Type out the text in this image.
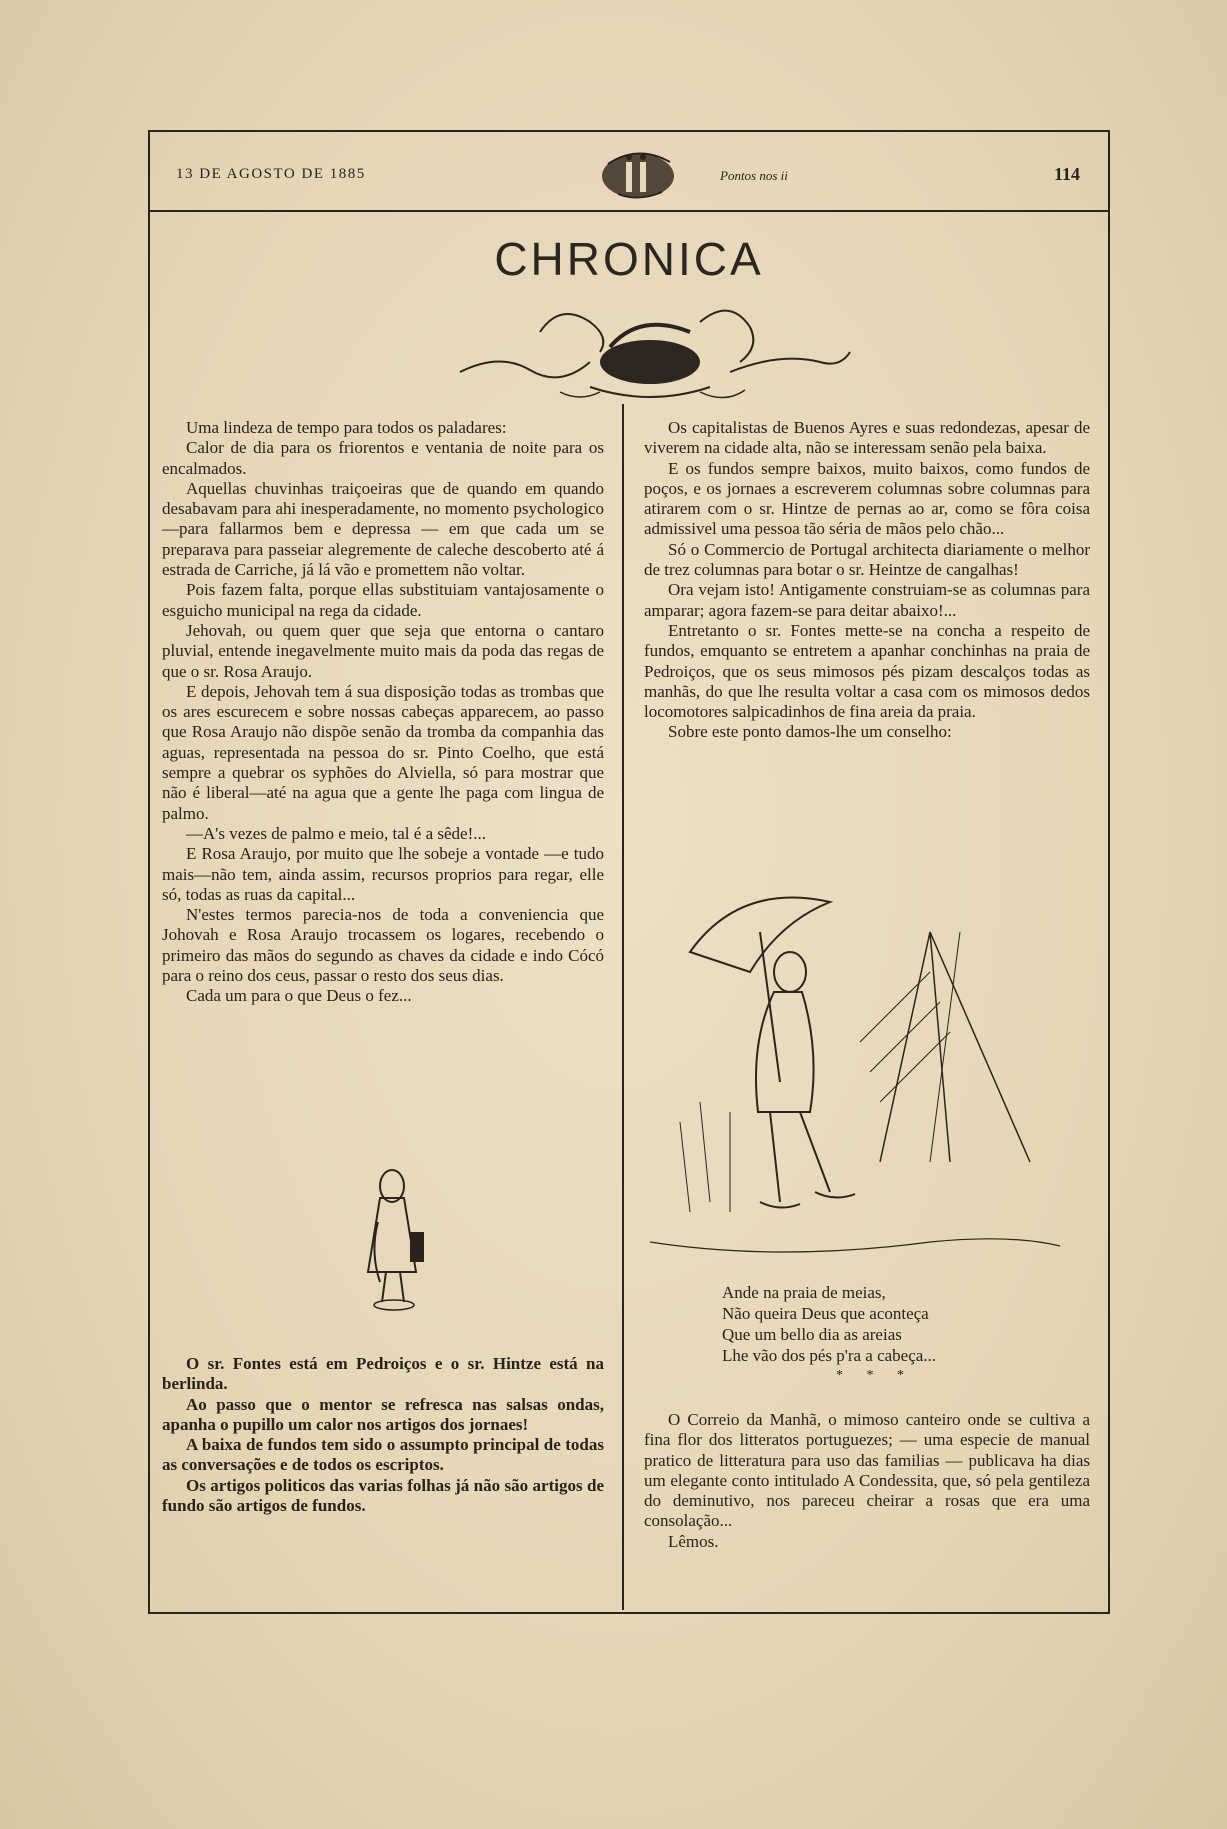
13 DE AGOSTO DE 1885	Pontos nos ii	114
CHRONICA

Uma lindeza de tempo para todos os paladares:

Calor de dia para os friorentos e ventania de noite para os encalmados.

Aquellas chuvinhas traiçoeiras que de quando em quando desabavam para ahi inesperadamente, no momento psychologico—para fallarmos bem e depressa — em que cada um se preparava para passeiar alegremente de caleche descoberto até á estrada de Carriche, já lá vão e promettem não voltar.

Pois fazem falta, porque ellas substituiam vantajosamente o esguicho municipal na rega da cidade.

Jehovah, ou quem quer que seja que entorna o cantaro pluvial, entende inegavelmente muito mais da poda das regas de que o sr. Rosa Araujo.

E depois, Jehovah tem á sua disposição todas as trombas que os ares escurecem e sobre nossas cabeças apparecem, ao passo que Rosa Araujo não dispõe senão da tromba da companhia das aguas, representada na pessoa do sr. Pinto Coelho, que está sempre a quebrar os syphões do Alviella, só para mostrar que não é liberal—até na agua que a gente lhe paga com lingua de palmo.

—A's vezes de palmo e meio, tal é a sêde!...

E Rosa Araujo, por muito que lhe sobeje a vontade —e tudo mais—não tem, ainda assim, recursos proprios para regar, elle só, todas as ruas da capital...

N'estes termos parecia-nos de toda a conveniencia que Johovah e Rosa Araujo trocassem os logares, recebendo o primeiro das mãos do segundo as chaves da cidade e indo Cócó para o reino dos ceus, passar o resto dos seus dias.

Cada um para o que Deus o fez...

O sr. Fontes está em Pedroiços e o sr. Hintze está na berlinda.

Ao passo que o mentor se refresca nas salsas ondas, apanha o pupillo um calor nos artigos dos jornaes!

A baixa de fundos tem sido o assumpto principal de todas as conversações e de todos os escriptos.

Os artigos politicos das varias folhas já não são artigos de fundo são artigos de fundos.

Os capitalistas de Buenos Ayres e suas redondezas, apesar de viverem na cidade alta, não se interessam senão pela baixa.

E os fundos sempre baixos, muito baixos, como fundos de poços, e os jornaes a escreverem columnas sobre columnas para atirarem com o sr. Hintze de pernas ao ar, como se fôra coisa admissivel uma pessoa tão séria de mãos pelo chão...

Só o Commercio de Portugal architecta diariamente o melhor de trez columnas para botar o sr. Heintze de cangalhas!

Ora vejam isto! Antigamente construiam-se as columnas para amparar; agora fazem-se para deitar abaixo!...

Entretanto o sr. Fontes mette-se na concha a respeito de fundos, emquanto se entretem a apanhar conchinhas na praia de Pedroiços, que os seus mimosos pés pizam descalços todas as manhãs, do que lhe resulta voltar a casa com os mimosos dedos locomotores salpicadinhos de fina areia da praia.

Sobre este ponto damos-lhe um conselho:

Ande na praia de meias,
Não queira Deus que aconteça
Que um bello dia as areias
Lhe vão dos pés p'ra a cabeça...
* * *

O Correio da Manhã, o mimoso canteiro onde se cultiva a fina flor dos litteratos portuguezes; — uma especie de manual pratico de litteratura para uso das familias — publicava ha dias um elegante conto intitulado A Condessita, que, só pela gentileza do deminutivo, nos pareceu cheirar a rosas que era uma consolação...

Lêmos.
